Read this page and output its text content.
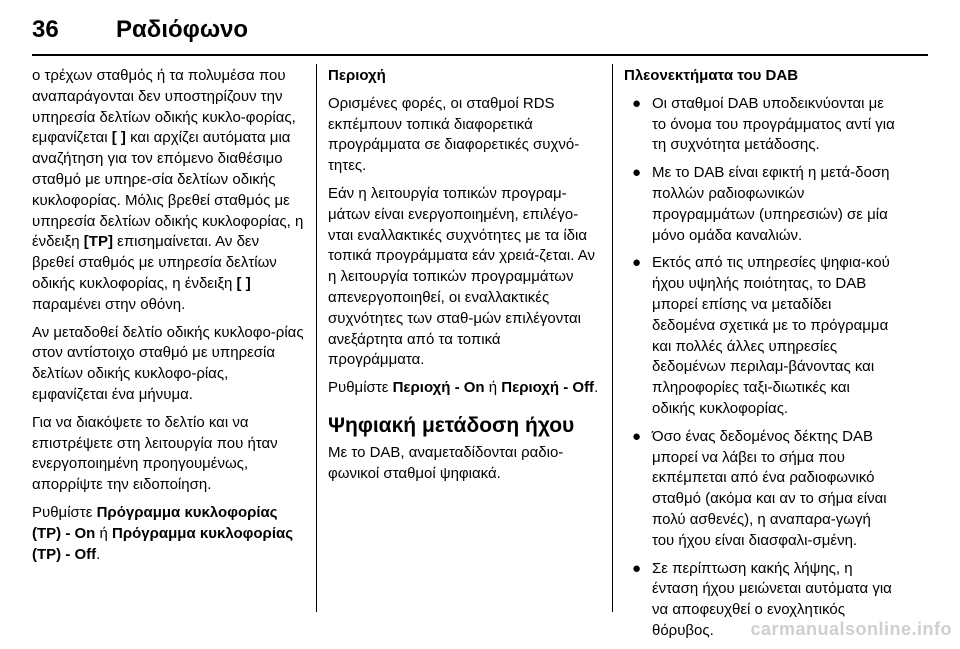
36 Ραδιόφωνο

ο τρέχων σταθμός ή τα πολυμέσα που αναπαράγονται δεν υποστηρίζουν την υπηρεσία δελτίων οδικής κυκλο-φορίας, εμφανίζεται [ ] και αρχίζει αυτόματα μια αναζήτηση για τον επόμενο διαθέσιμο σταθμό με υπηρε-σία δελτίων οδικής κυκλοφορίας. Μόλις βρεθεί σταθμός με υπηρεσία δελτίων οδικής κυκλοφορίας, η ένδειξη [TP] επισημαίνεται. Αν δεν βρεθεί σταθμός με υπηρεσία δελτίων οδικής κυκλοφορίας, η ένδειξη [ ] παραμένει στην οθόνη.

Αν μεταδοθεί δελτίο οδικής κυκλοφο-ρίας στον αντίστοιχο σταθμό με υπηρεσία δελτίων οδικής κυκλοφο-ρίας, εμφανίζεται ένα μήνυμα.

Για να διακόψετε το δελτίο και να επιστρέψετε στη λειτουργία που ήταν ενεργοποιημένη προηγουμένως, απορρίψτε την ειδοποίηση.

Ρυθμίστε Πρόγραμμα κυκλοφορίας (TP) - On ή Πρόγραμμα κυκλοφορίας (TP) - Off.

Περιοχή

Ορισμένες φορές, οι σταθμοί RDS εκπέμπουν τοπικά διαφορετικά προγράμματα σε διαφορετικές συχνό-τητες.

Εάν η λειτουργία τοπικών προγραμ-μάτων είναι ενεργοποιημένη, επιλέγο-νται εναλλακτικές συχνότητες με τα ίδια τοπικά προγράμματα εάν χρειά-ζεται. Αν η λειτουργία τοπικών προγραμμάτων απενεργοποιηθεί, οι εναλλακτικές συχνότητες των σταθ-μών επιλέγονται ανεξάρτητα από τα τοπικά προγράμματα.

Ρυθμίστε Περιοχή - On ή Περιοχή - Off.

Ψηφιακή μετάδοση ήχου

Με το DAB, αναμεταδίδονται ραδιο-φωνικοί σταθμοί ψηφιακά.

Πλεονεκτήματα του DAB

● Οι σταθμοί DAB υποδεικνύονται με το όνομα του προγράμματος αντί για τη συχνότητα μετάδοσης.
● Με το DAB είναι εφικτή η μετά-δοση πολλών ραδιοφωνικών προγραμμάτων (υπηρεσιών) σε μία μόνο ομάδα καναλιών.
● Εκτός από τις υπηρεσίες ψηφια-κού ήχου υψηλής ποιότητας, το DAB μπορεί επίσης να μεταδίδει δεδομένα σχετικά με το πρόγραμμα και πολλές άλλες υπηρεσίες δεδομένων περιλαμ-βάνοντας και πληροφορίες ταξι-διωτικές και οδικής κυκλοφορίας.
● Όσο ένας δεδομένος δέκτης DAB μπορεί να λάβει το σήμα που εκπέμπεται από ένα ραδιοφωνικό σταθμό (ακόμα και αν το σήμα είναι πολύ ασθενές), η αναπαρα-γωγή του ήχου είναι διασφαλι-σμένη.
● Σε περίπτωση κακής λήψης, η ένταση ήχου μειώνεται αυτόματα για να αποφευχθεί ο ενοχλητικός θόρυβος.	carmanualsonline.info
